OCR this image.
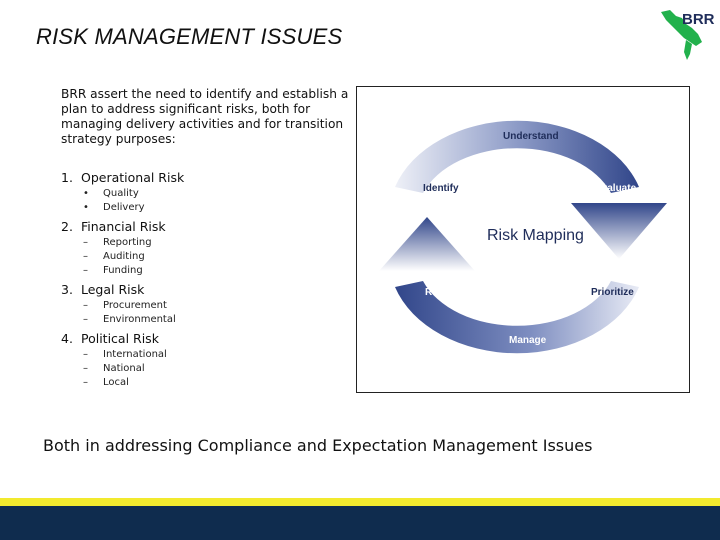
RISK MANAGEMENT ISSUES
BRR
BRR assert the need to identify and establish a plan to address significant risks, both for managing delivery activities and for transition strategy purposes:
1. Operational Risk
• Quality
• Delivery
2. Financial Risk
– Reporting
– Auditing
– Funding
3. Legal Risk
– Procurement
– Environmental
4. Political Risk
– International
– National
– Local
Understand
Identify	Evaluate
Risk Mapping
Revisit	Prioritize
Manage
Both in addressing Compliance and Expectation Management Issues
